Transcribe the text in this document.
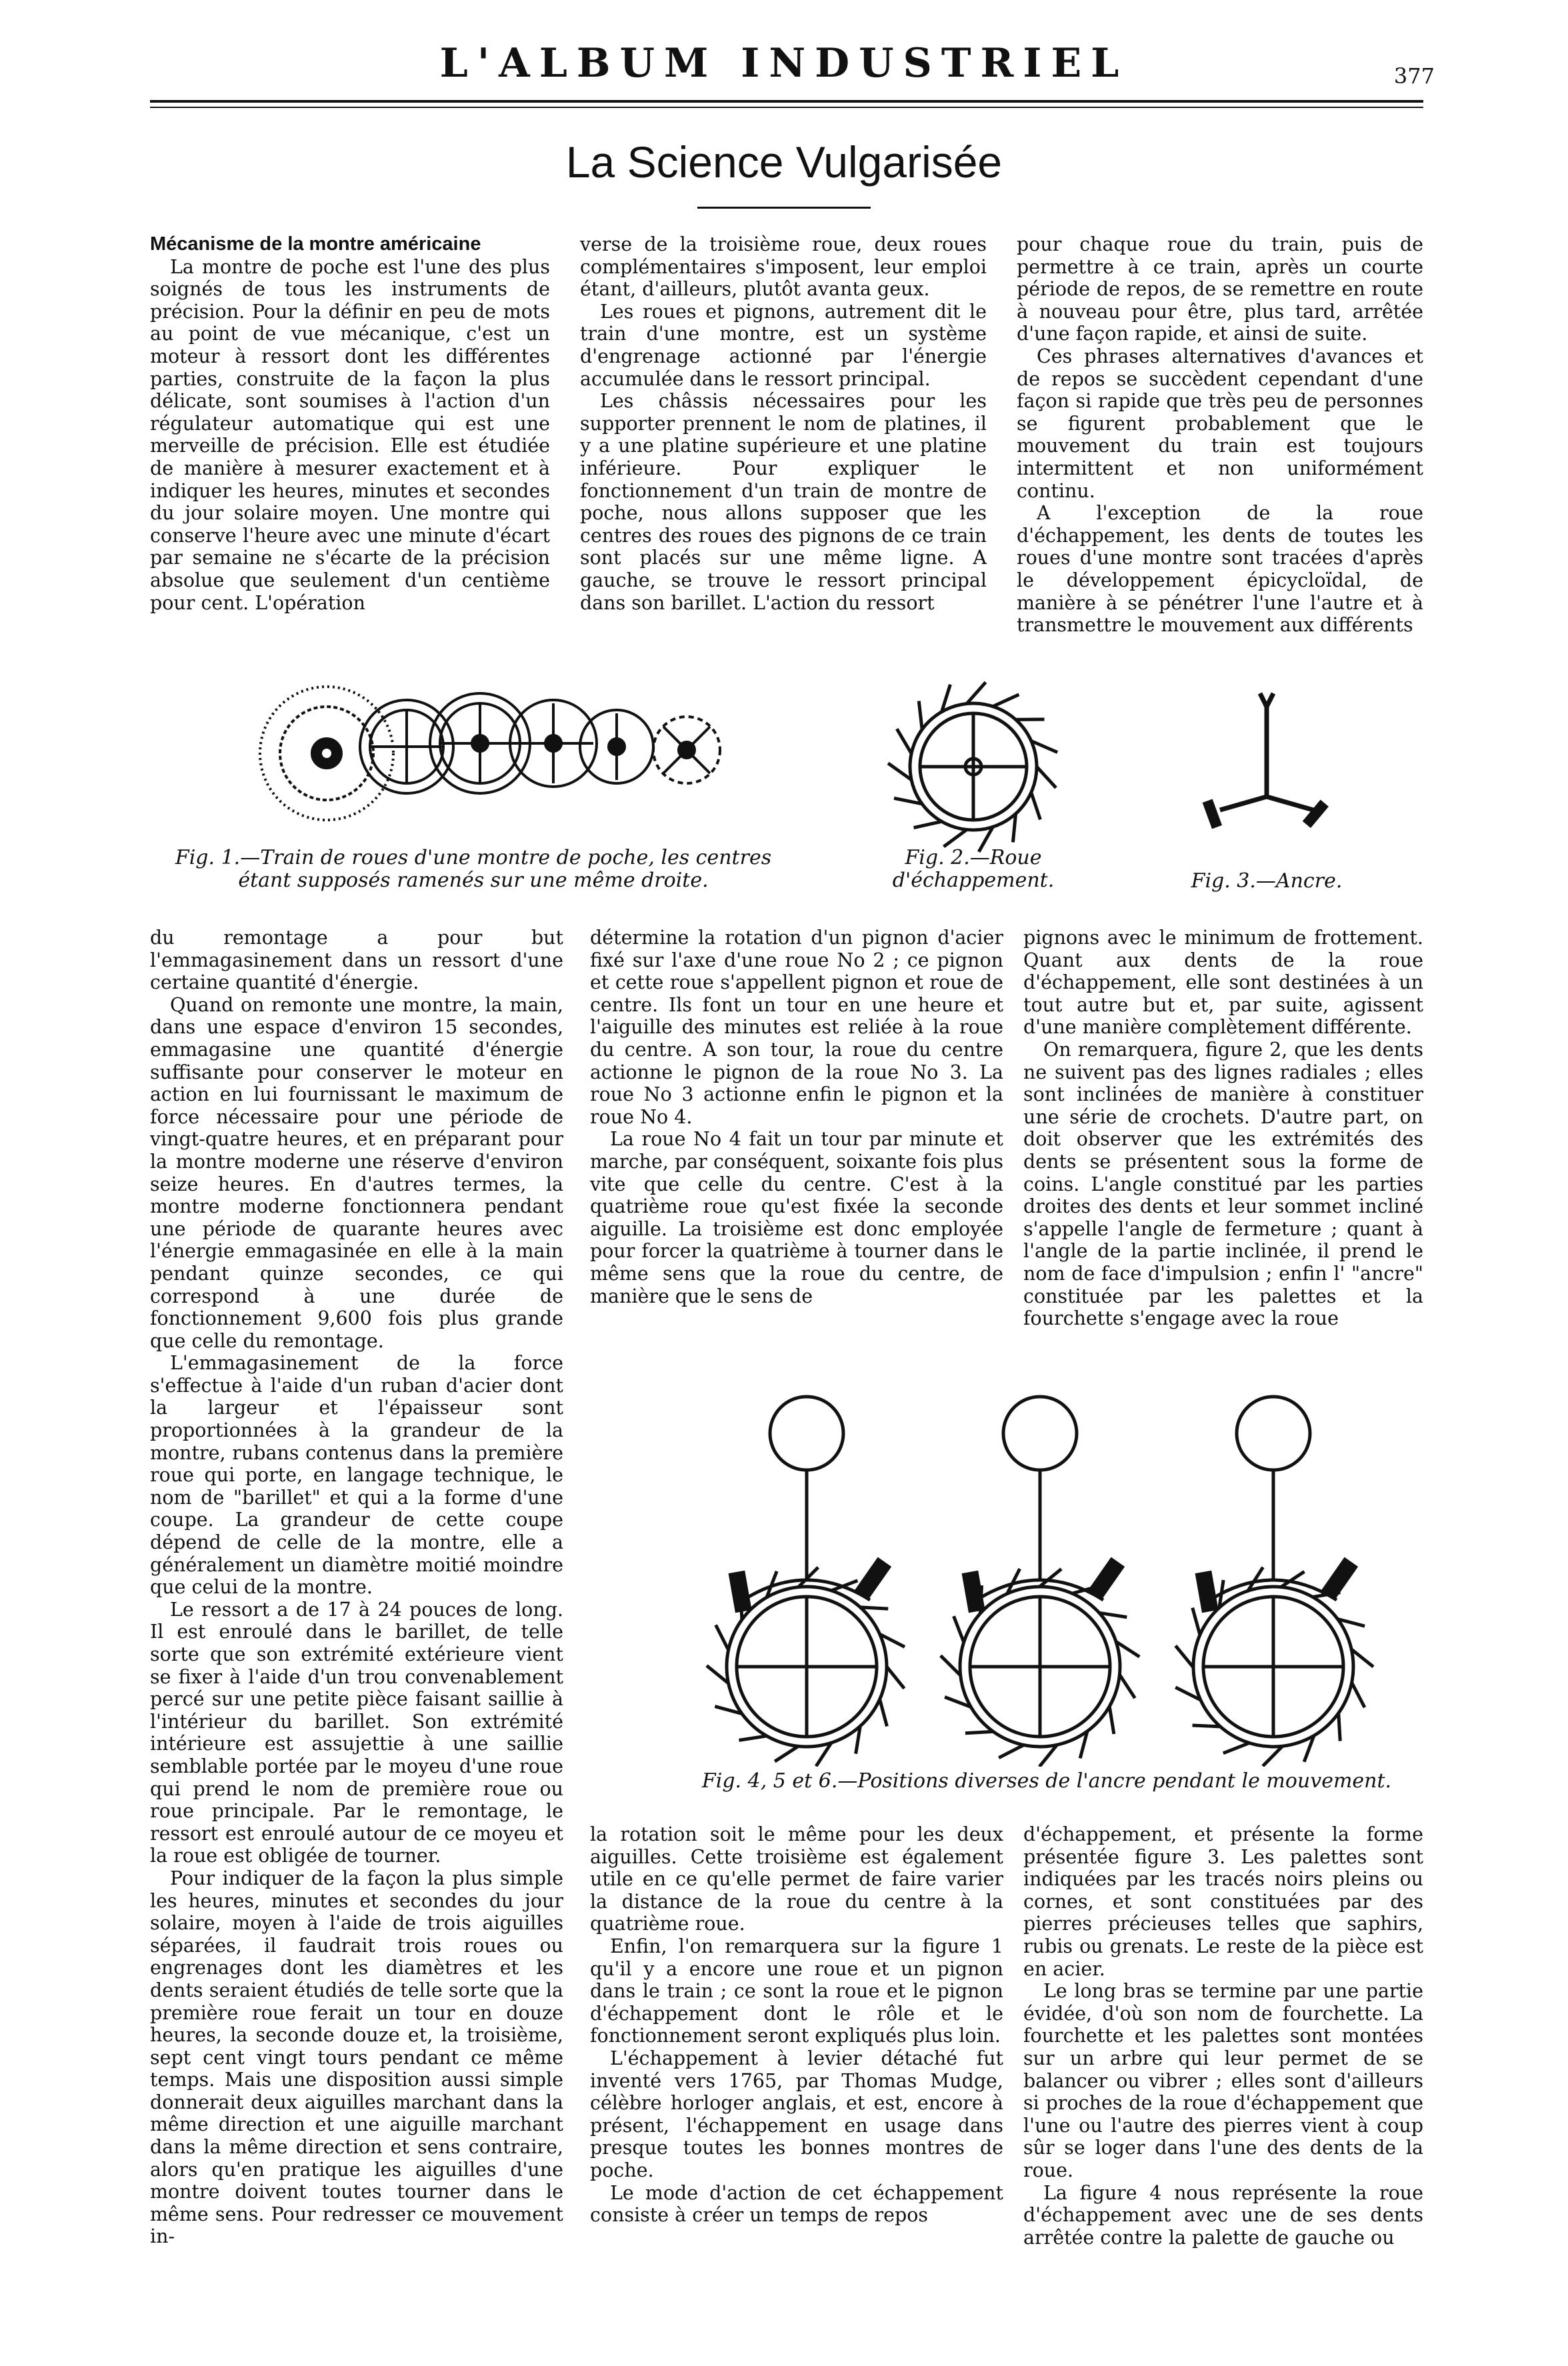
L'ALBUM INDUSTRIEL	377
La Science Vulgarisée

Mécanisme de la montre américaine

La montre de poche est l'une des plus soignés de tous les instruments de précision. Pour la définir en peu de mots au point de vue mécanique, c'est un moteur à ressort dont les différentes parties, construite de la façon la plus délicate, sont soumises à l'action d'un régulateur automatique qui est une merveille de précision. Elle est étudiée de manière à mesurer exactement et à indiquer les heures, minutes et secondes du jour solaire moyen. Une montre qui conserve l'heure avec une minute d'écart par semaine ne s'écarte de la précision absolue que seulement d'un centième pour cent. L'opération

verse de la troisième roue, deux roues complémentaires s'imposent, leur emploi étant, d'ailleurs, plutôt avanta geux.

Les roues et pignons, autrement dit le train d'une montre, est un système d'engrenage actionné par l'énergie accumulée dans le ressort principal.

Les châssis nécessaires pour les supporter prennent le nom de platines, il y a une platine supérieure et une platine inférieure. Pour expliquer le fonctionnement d'un train de montre de poche, nous allons supposer que les centres des roues des pignons de ce train sont placés sur une même ligne. A gauche, se trouve le ressort principal dans son barillet. L'action du ressort

pour chaque roue du train, puis de permettre à ce train, après un courte période de repos, de se remettre en route à nouveau pour être, plus tard, arrêtée d'une façon rapide, et ainsi de suite.

Ces phrases alternatives d'avances et de repos se succèdent cependant d'une façon si rapide que très peu de personnes se figurent probablement que le mouvement du train est toujours intermittent et non uniformément continu.

A l'exception de la roue d'échappement, les dents de toutes les roues d'une montre sont tracées d'après le développement épicycloïdal, de manière à se pénétrer l'une l'autre et à transmettre le mouvement aux différents

Fig. 1.—Train de roues d'une montre de poche, les centres étant supposés ramenés sur une même droite.
Fig. 2.—Roue d'échappement.	Fig. 3.—Ancre.

du remontage a pour but l'emmagasinement dans un ressort d'une certaine quantité d'énergie.

Quand on remonte une montre, la main, dans une espace d'environ 15 secondes, emmagasine une quantité d'énergie suffisante pour conserver le moteur en action en lui fournissant le maximum de force nécessaire pour une période de vingt-quatre heures, et en préparant pour la montre moderne une réserve d'environ seize heures. En d'autres termes, la montre moderne fonctionnera pendant une période de quarante heures avec l'énergie emmagasinée en elle à la main pendant quinze secondes, ce qui correspond à une durée de fonctionnement 9,600 fois plus grande que celle du remontage.

L'emmagasinement de la force s'effectue à l'aide d'un ruban d'acier dont la largeur et l'épaisseur sont proportionnées à la grandeur de la montre, rubans contenus dans la première roue qui porte, en langage technique, le nom de "barillet" et qui a la forme d'une coupe. La grandeur de cette coupe dépend de celle de la montre, elle a généralement un diamètre moitié moindre que celui de la montre.

Le ressort a de 17 à 24 pouces de long. Il est enroulé dans le barillet, de telle sorte que son extrémité extérieure vient se fixer à l'aide d'un trou convenablement percé sur une petite pièce faisant saillie à l'intérieur du barillet. Son extrémité intérieure est assujettie à une saillie semblable portée par le moyeu d'une roue qui prend le nom de première roue ou roue principale. Par le remontage, le ressort est enroulé autour de ce moyeu et la roue est obligée de tourner.

Pour indiquer de la façon la plus simple les heures, minutes et secondes du jour solaire, moyen à l'aide de trois aiguilles séparées, il faudrait trois roues ou engrenages dont les diamètres et les dents seraient étudiés de telle sorte que la première roue ferait un tour en douze heures, la seconde douze et, la troisième, sept cent vingt tours pendant ce même temps. Mais une disposition aussi simple donnerait deux aiguilles marchant dans la même direction et une aiguille marchant dans la même direction et sens contraire, alors qu'en pratique les aiguilles d'une montre doivent toutes tourner dans le même sens. Pour redresser ce mouvement in-

détermine la rotation d'un pignon d'acier fixé sur l'axe d'une roue No 2 ; ce pignon et cette roue s'appellent pignon et roue de centre. Ils font un tour en une heure et l'aiguille des minutes est reliée à la roue du centre. A son tour, la roue du centre actionne le pignon de la roue No 3. La roue No 3 actionne enfin le pignon et la roue No 4.

La roue No 4 fait un tour par minute et marche, par conséquent, soixante fois plus vite que celle du centre. C'est à la quatrième roue qu'est fixée la seconde aiguille. La troisième est donc employée pour forcer la quatrième à tourner dans le même sens que la roue du centre, de manière que le sens de

pignons avec le minimum de frottement. Quant aux dents de la roue d'échappement, elle sont destinées à un tout autre but et, par suite, agissent d'une manière complètement différente.

On remarquera, figure 2, que les dents ne suivent pas des lignes radiales ; elles sont inclinées de manière à constituer une série de crochets. D'autre part, on doit observer que les extrémités des dents se présentent sous la forme de coins. L'angle constitué par les parties droites des dents et leur sommet incliné s'appelle l'angle de fermeture ; quant à l'angle de la partie inclinée, il prend le nom de face d'impulsion ; enfin l' "ancre" constituée par les palettes et la fourchette s'engage avec la roue

Fig. 4, 5 et 6.—Positions diverses de l'ancre pendant le mouvement.

la rotation soit le même pour les deux aiguilles. Cette troisième est également utile en ce qu'elle permet de faire varier la distance de la roue du centre à la quatrième roue.

Enfin, l'on remarquera sur la figure 1 qu'il y a encore une roue et un pignon dans le train ; ce sont la roue et le pignon d'échappement dont le rôle et le fonctionnement seront expliqués plus loin.

L'échappement à levier détaché fut inventé vers 1765, par Thomas Mudge, célèbre horloger anglais, et est, encore à présent, l'échappement en usage dans presque toutes les bonnes montres de poche.

Le mode d'action de cet échappement consiste à créer un temps de repos

d'échappement, et présente la forme présentée figure 3. Les palettes sont indiquées par les tracés noirs pleins ou cornes, et sont constituées par des pierres précieuses telles que saphirs, rubis ou grenats. Le reste de la pièce est en acier.

Le long bras se termine par une partie évidée, d'où son nom de fourchette. La fourchette et les palettes sont montées sur un arbre qui leur permet de se balancer ou vibrer ; elles sont d'ailleurs si proches de la roue d'échappement que l'une ou l'autre des pierres vient à coup sûr se loger dans l'une des dents de la roue.

La figure 4 nous représente la roue d'échappement avec une de ses dents arrêtée contre la palette de gauche ou
